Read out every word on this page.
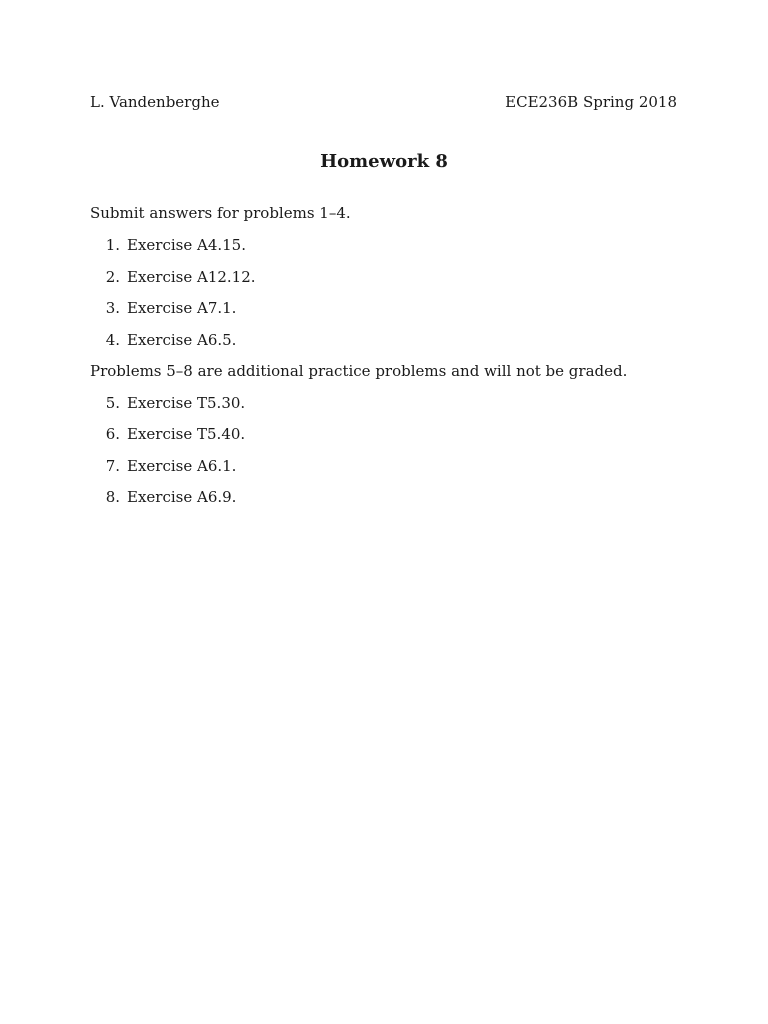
L. Vandenberghe	ECE236B Spring 2018
Homework 8
Submit answers for problems 1–4.
1. Exercise A4.15.
2. Exercise A12.12.
3. Exercise A7.1.
4. Exercise A6.5.
Problems 5–8 are additional practice problems and will not be graded.
5. Exercise T5.30.
6. Exercise T5.40.
7. Exercise A6.1.
8. Exercise A6.9.
